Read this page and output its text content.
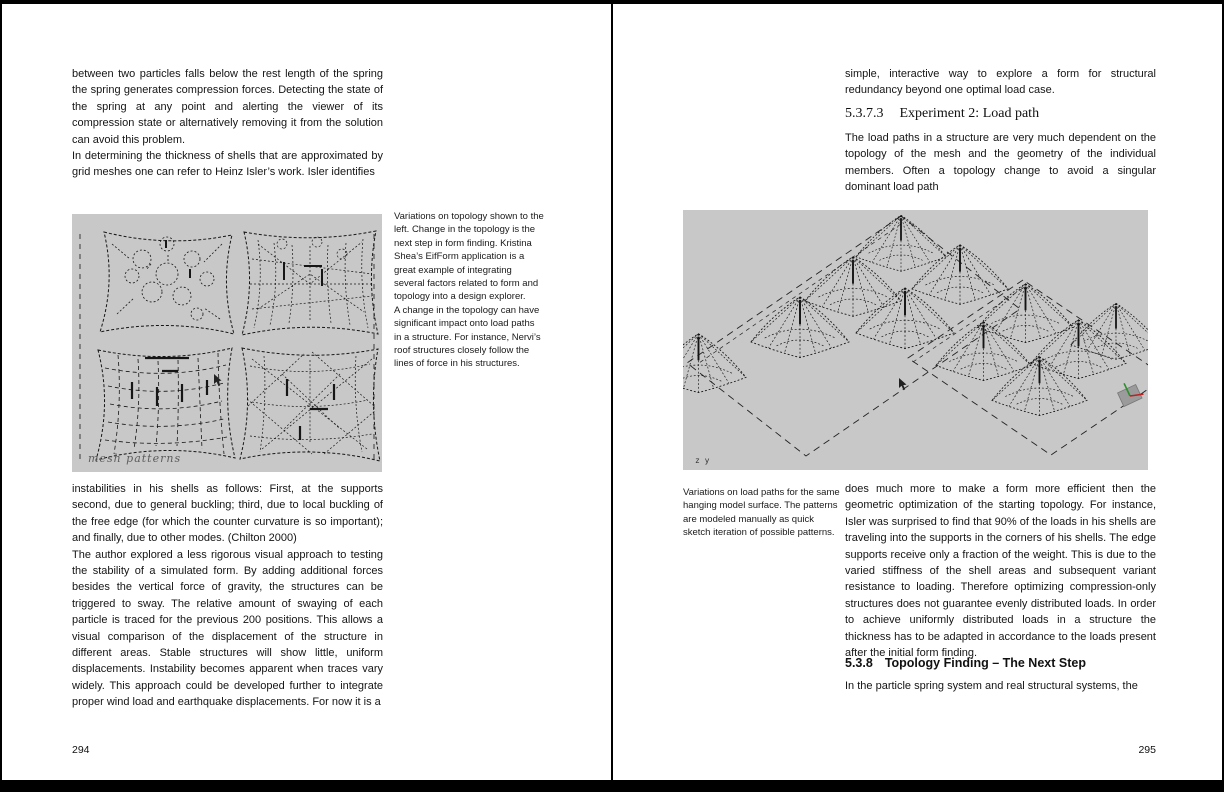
between two particles falls below the rest length of the spring the spring generates compression forces. Detecting the state of the spring at any point and alerting the viewer of its compression state or alternatively removing it from the solution can avoid this problem.

In determining the thickness of shells that are approximated by grid meshes one can refer to Heinz Isler’s work. Isler identifies

mesh patterns

Variations on topology shown to the left. Change in the topology is the next step in form finding. Kristina Shea’s EifForm application is a great example of integrating several factors related to form and topology into a design explorer.

A change in the topology can have significant impact onto load paths in a structure. For instance, Nervi’s roof structures closely follow the lines of force in his structures.

instabilities in his shells as follows: First, at the supports second, due to general buckling; third, due to local buckling of the free edge (for which the counter curvature is so important); and finally, due to other modes. (Chilton 2000)

The author explored a less rigorous visual approach to testing the stability of a simulated form. By adding additional forces besides the vertical force of gravity, the structures can be triggered to sway. The relative amount of swaying of each particle is traced for the previous 200 positions. This allows a visual comparison of the displacement of the structure in different areas. Stable structures will show little, uniform displacements. Instability becomes apparent when traces vary widely. This approach could be developed further to integrate proper wind load and earthquake displacements. For now it is a

294

simple, interactive way to explore a form for structural redundancy beyond one optimal load case.

5.3.7.3 Experiment 2: Load path

The load paths in a structure are very much dependent on the topology of the mesh and the geometry of the individual members. Often a topology change to avoid a singular dominant load path

z y

Variations on load paths for the same hanging model surface. The patterns are modeled manually as quick sketch iteration of possible patterns.

does much more to make a form more efficient then the geometric optimization of the starting topology. For instance, Isler was surprised to find that 90% of the loads in his shells are traveling into the supports in the corners of his shells. The edge supports receive only a fraction of the weight. This is due to the varied stiffness of the shell areas and subsequent variant resistance to loading. Therefore optimizing compression-only structures does not guarantee evenly distributed loads. In order to achieve uniformly distributed loads in a structure the thickness has to be adapted in accordance to the loads present after the initial form finding.

5.3.8 Topology Finding – The Next Step

In the particle spring system and real structural systems, the

295
